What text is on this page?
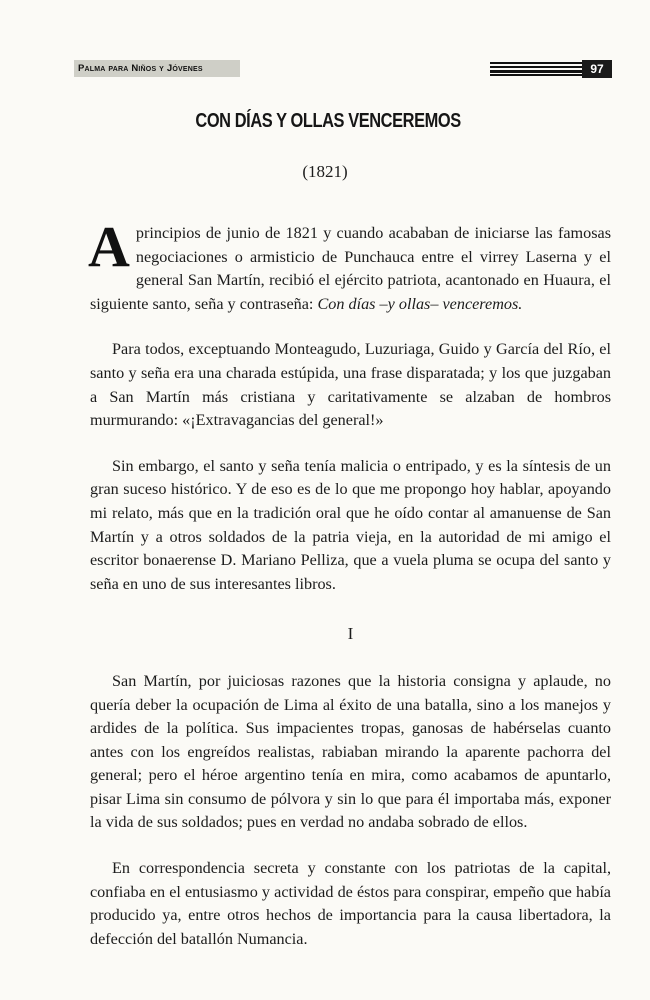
Palma para Niños y Jóvenes	97
CON DÍAS Y OLLAS VENCEREMOS
(1821)

Aprincipios de junio de 1821 y cuando acababan de iniciarse las famosas negociaciones o armisticio de Punchauca entre el virrey Laserna y el general San Martín, recibió el ejército patriota, acantonado en Huaura, el siguiente santo, seña y contraseña: Con días –y ollas– venceremos.

Para todos, exceptuando Monteagudo, Luzuriaga, Guido y García del Río, el santo y seña era una charada estúpida, una frase disparatada; y los que juzgaban a San Martín más cristiana y caritativamente se alzaban de hombros murmurando: «¡Extravagancias del general!»

Sin embargo, el santo y seña tenía malicia o entripado, y es la síntesis de un gran suceso histórico. Y de eso es de lo que me propongo hoy hablar, apoyando mi relato, más que en la tradición oral que he oído contar al amanuense de San Martín y a otros soldados de la patria vieja, en la autoridad de mi amigo el escritor bonaerense D. Mariano Pelliza, que a vuela pluma se ocupa del santo y seña en uno de sus interesantes libros.

I

San Martín, por juiciosas razones que la historia consigna y aplaude, no quería deber la ocupación de Lima al éxito de una batalla, sino a los manejos y ardides de la política. Sus impacientes tropas, ganosas de habérselas cuanto antes con los engreídos realistas, rabiaban mirando la aparente pachorra del general; pero el héroe argentino tenía en mira, como acabamos de apuntarlo, pisar Lima sin consumo de pólvora y sin lo que para él importaba más, exponer la vida de sus soldados; pues en verdad no andaba sobrado de ellos.

En correspondencia secreta y constante con los patriotas de la capital, confiaba en el entusiasmo y actividad de éstos para conspirar, empeño que había producido ya, entre otros hechos de importancia para la causa libertadora, la defección del batallón Numancia.
